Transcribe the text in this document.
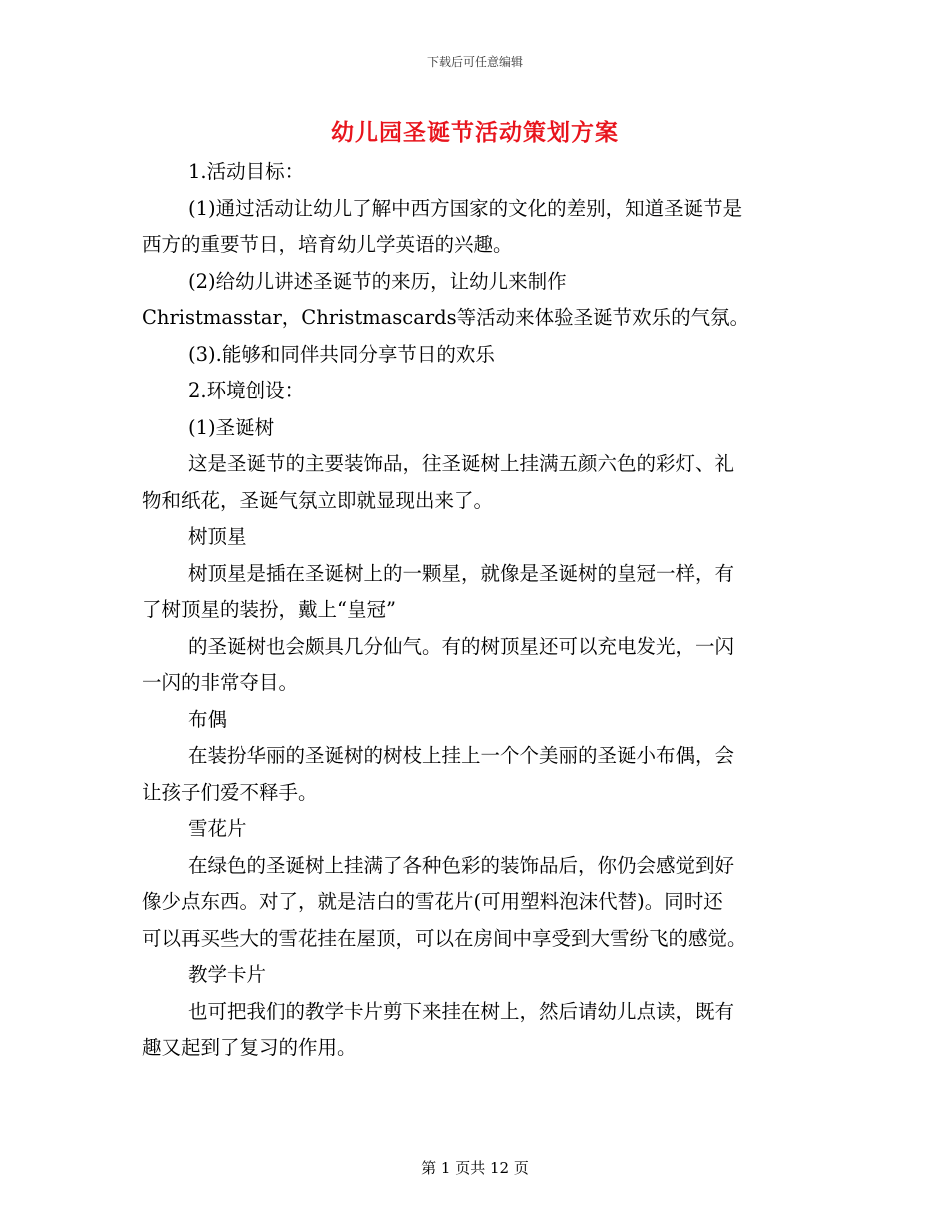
下载后可任意编辑
幼儿园圣诞节活动策划方案
1.活动目标：
(1)通过活动让幼儿了解中西方国家的文化的差别，知道圣诞节是
西方的重要节日，培育幼儿学英语的兴趣。
(2)给幼儿讲述圣诞节的来历，让幼儿来制作
Christmasstar，Christmascards等活动来体验圣诞节欢乐的气氛。
(3).能够和同伴共同分享节日的欢乐
2.环境创设：
(1)圣诞树
这是圣诞节的主要装饰品，往圣诞树上挂满五颜六色的彩灯、礼
物和纸花，圣诞气氛立即就显现出来了。
树顶星
树顶星是插在圣诞树上的一颗星，就像是圣诞树的皇冠一样，有
了树顶星的装扮，戴上“皇冠”
的圣诞树也会颇具几分仙气。有的树顶星还可以充电发光，一闪
一闪的非常夺目。
布偶
在装扮华丽的圣诞树的树枝上挂上一个个美丽的圣诞小布偶，会
让孩子们爱不释手。
雪花片
在绿色的圣诞树上挂满了各种色彩的装饰品后，你仍会感觉到好
像少点东西。对了，就是洁白的雪花片(可用塑料泡沫代替)。同时还
可以再买些大的雪花挂在屋顶，可以在房间中享受到大雪纷飞的感觉。
教学卡片
也可把我们的教学卡片剪下来挂在树上，然后请幼儿点读，既有
趣又起到了复习的作用。
第 1 页共 12 页
